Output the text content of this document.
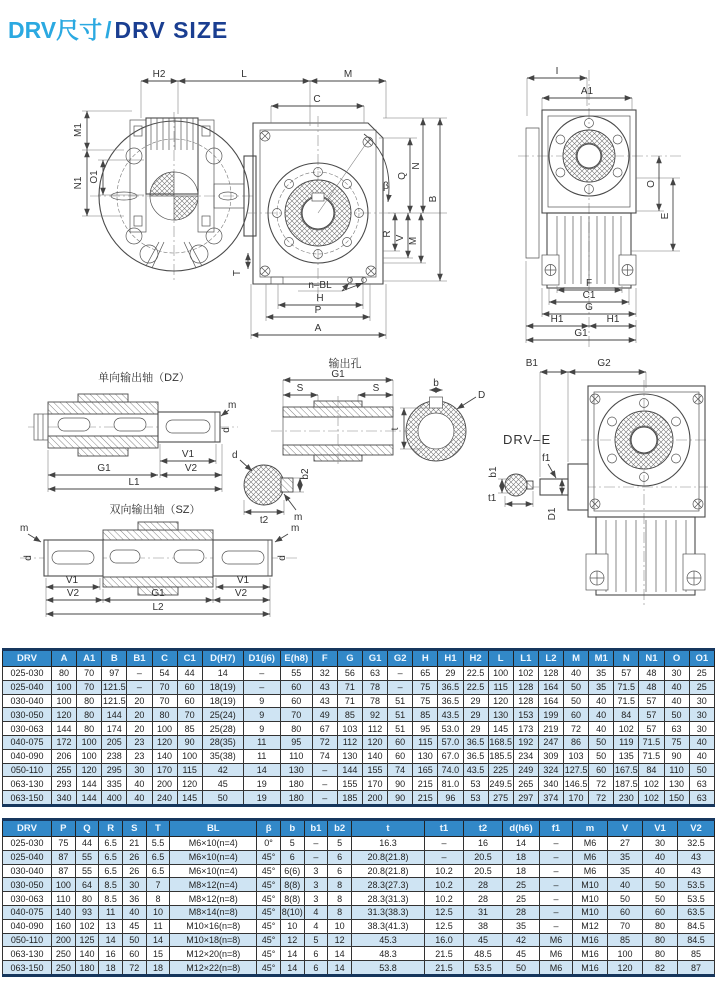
DRV尺寸 / DRV SIZE
H2	L	M
C
M1
N1 O1	Q
N
B
β
R
V M
T
n–BL
H
P
A
I
A1
O
E
F
C1
G
H1	H1
G1
单向输出轴（DZ）
m
d
V1
V2
G1
L1
输出孔
G1
S	S	b
D
t
d
b2
t2	m
DRV–E
B1	G2
b1
t1
f1
D1
双向输出轴（SZ）
m	m
d	d
V1
V2	G1
V1
V2
L2
DRV	A	A1	B	B1	C	C1	D(H7)	D1(j6)	E(h8)	F	G	G1	G2	H	H1	H2	L	L1	L2	M	M1	N	N1	O	O1
025-030	80	70	97	–	54	44	14	–	55	32	56	63	–	65	29	22.5	100	102	128	40	35	57	48	30	25
025-040	100	70	121.5	–	70	60	18(19)	–	60	43	71	78	–	75	36.5	22.5	115	128	164	50	35	71.5	48	40	25
030-040	100	80	121.5	20	70	60	18(19)	9	60	43	71	78	51	75	36.5	29	120	128	164	50	40	71.5	57	40	30
030-050	120	80	144	20	80	70	25(24)	9	70	49	85	92	51	85	43.5	29	130	153	199	60	40	84	57	50	30
030-063	144	80	174	20	100	85	25(28)	9	80	67	103	112	51	95	53.0	29	145	173	219	72	40	102	57	63	30
040-075	172	100	205	23	120	90	28(35)	11	95	72	112	120	60	115	57.0	36.5	168.5	192	247	86	50	119	71.5	75	40
040-090	206	100	238	23	140	100	35(38)	11	110	74	130	140	60	130	67.0	36.5	185.5	234	309	103	50	135	71.5	90	40
050-110	255	120	295	30	170	115	42	14	130	–	144	155	74	165	74.0	43.5	225	249	324	127.5	60	167.5	84	110	50
063-130	293	144	335	40	200	120	45	19	180	–	155	170	90	215	81.0	53	249.5	265	340	146.5	72	187.5	102	130	63
063-150	340	144	400	40	240	145	50	19	180	–	185	200	90	215	96	53	275	297	374	170	72	230	102	150	63
DRV	P	Q	R	S	T	BL	β	b	b1	b2	t	t1	t2	d(h6)	f1	m	V	V1	V2
025-030	75	44	6.5	21	5.5	M6×10(n=4)	0°	5	–	5	16.3	–	16	14	–	M6	27	30	32.5
025-040	87	55	6.5	26	6.5	M6×10(n=4)	45°	6	–	6	20.8(21.8)	–	20.5	18	–	M6	35	40	43
030-040	87	55	6.5	26	6.5	M6×10(n=4)	45°	6(6)	3	6	20.8(21.8)	10.2	20.5	18	–	M6	35	40	43
030-050	100	64	8.5	30	7	M8×12(n=4)	45°	8(8)	3	8	28.3(27.3)	10.2	28	25	–	M10	40	50	53.5
030-063	110	80	8.5	36	8	M8×12(n=8)	45°	8(8)	3	8	28.3(31.3)	10.2	28	25	–	M10	50	50	53.5
040-075	140	93	11	40	10	M8×14(n=8)	45°	8(10)	4	8	31.3(38.3)	12.5	31	28	–	M10	60	60	63.5
040-090	160	102	13	45	11	M10×16(n=8)	45°	10	4	10	38.3(41.3)	12.5	38	35	–	M12	70	80	84.5
050-110	200	125	14	50	14	M10×18(n=8)	45°	12	5	12	45.3	16.0	45	42	M6	M16	85	80	84.5
063-130	250	140	16	60	15	M12×20(n=8)	45°	14	6	14	48.3	21.5	48.5	45	M6	M16	100	80	85
063-150	250	180	18	72	18	M12×22(n=8)	45°	14	6	14	53.8	21.5	53.5	50	M6	M16	120	82	87
